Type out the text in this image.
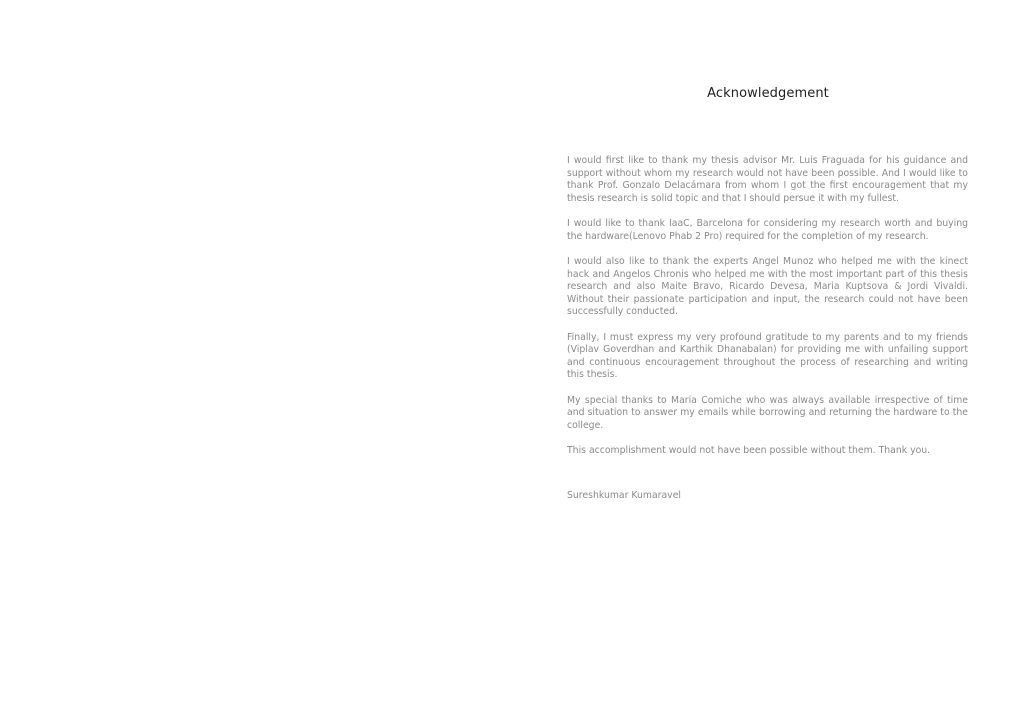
Acknowledgement

I would first like to thank my thesis advisor Mr. Luis Fraguada for his guidance and support without whom my research would not have been possible. And I would like to thank Prof. Gonzalo Delacámara from whom I got the first encouragement that my thesis research is solid topic and that I should persue it with my fullest.

I would like to thank IaaC, Barcelona for considering my research worth and buying the hardware(Lenovo Phab 2 Pro) required for the completion of my research.

I would also like to thank the experts Angel Munoz who helped me with the kinect hack and Angelos Chronis who helped me with the most important part of this thesis research and also Maite Bravo, Ricardo Devesa, Maria Kuptsova & Jordi Vivaldi. Without their passionate participation and input, the research could not have been successfully conducted.

Finally, I must express my very profound gratitude to my parents and to my friends (Viplav Goverdhan and Karthik Dhanabalan) for providing me with unfailing support and continuous encouragement throughout the process of researching and writing this thesis.

My special thanks to Maria Comiche who was always available irrespective of time and situation to answer my emails while borrowing and returning the hardware to the college.

This accomplishment would not have been possible without them. Thank you.

Sureshkumar Kumaravel
